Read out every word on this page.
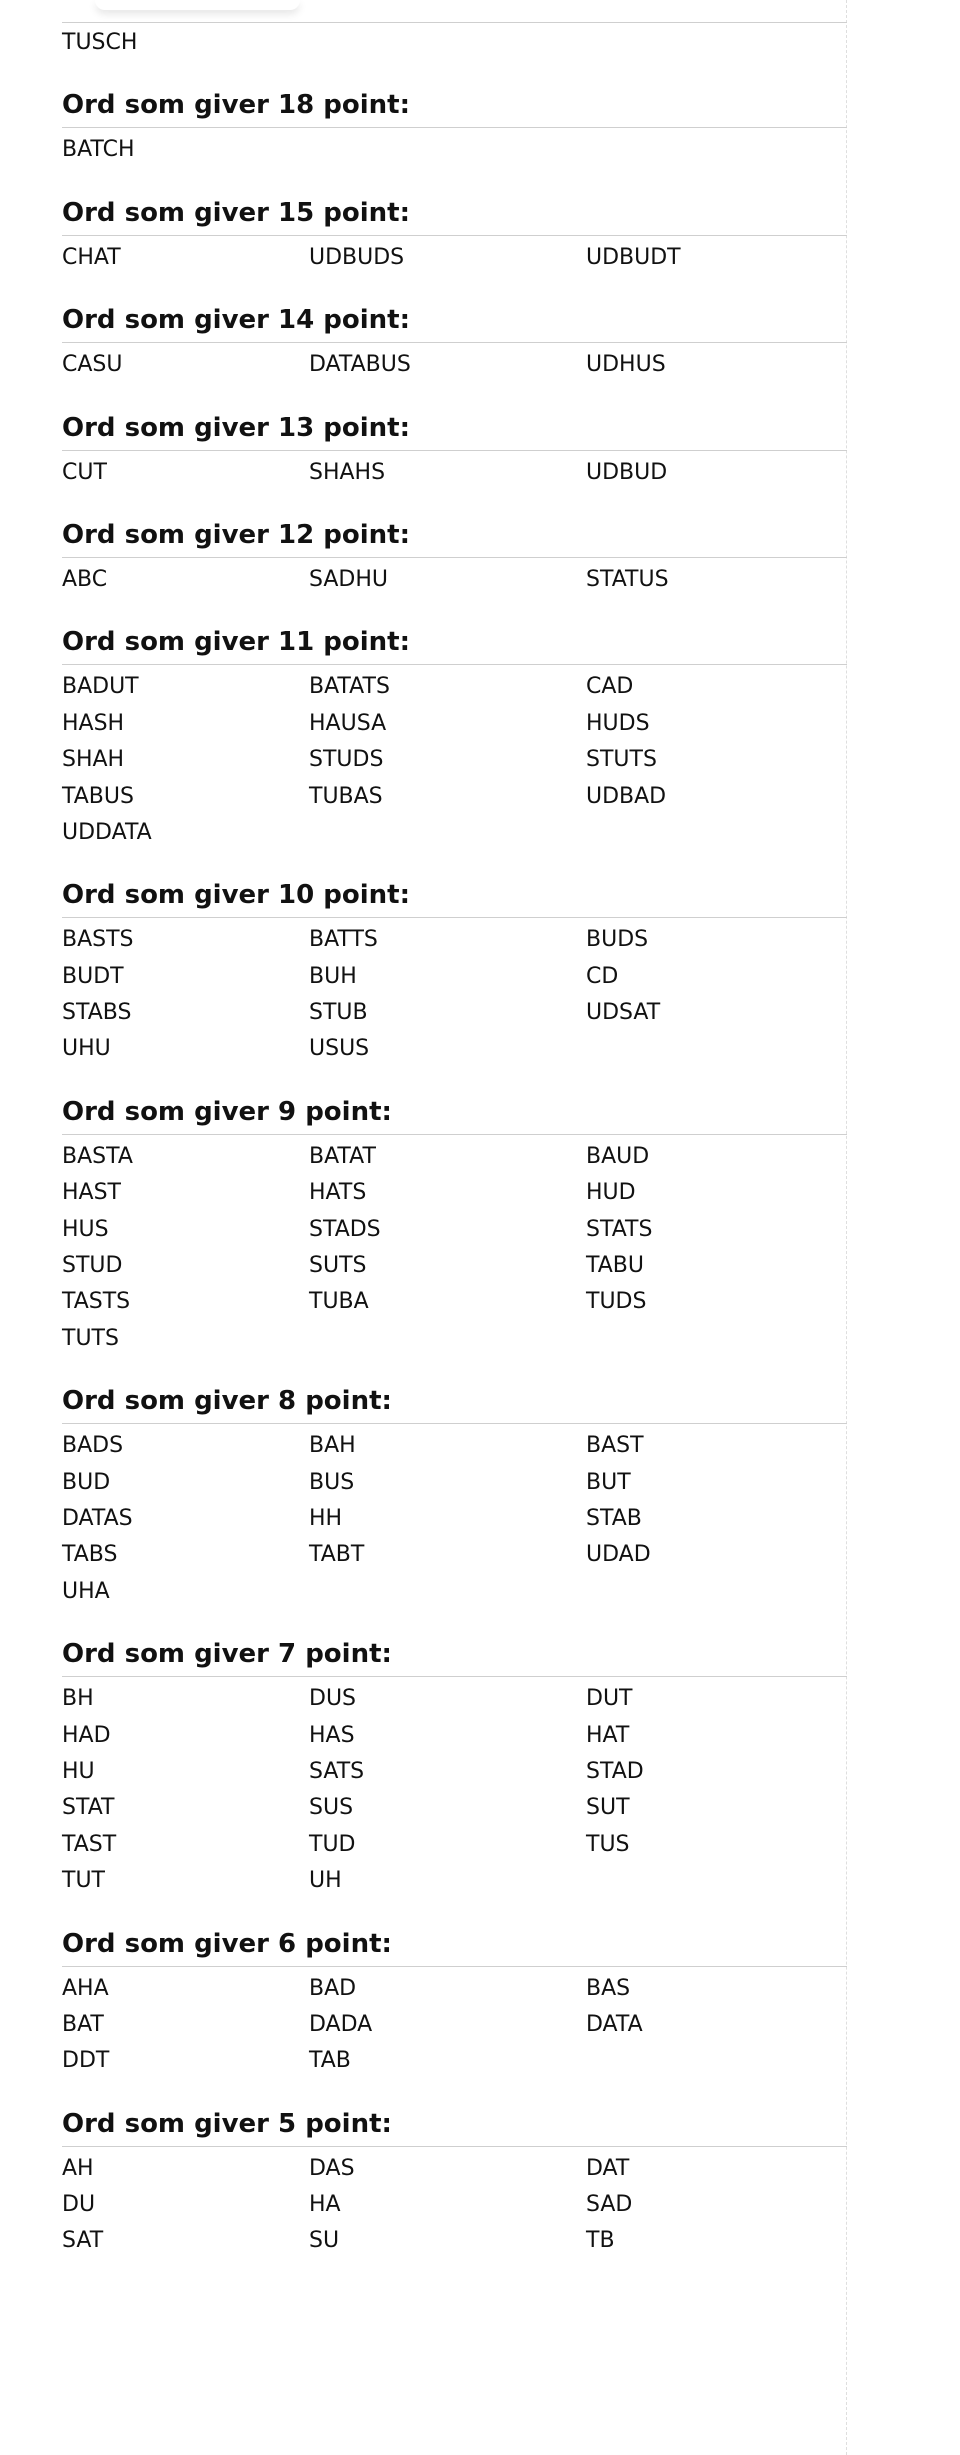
TUSCH
Ord som giver 18 point:
BATCH
Ord som giver 15 point:
CHAT	UDBUDS	UDBUDT
Ord som giver 14 point:
CASU	DATABUS	UDHUS
Ord som giver 13 point:
CUT	SHAHS	UDBUD
Ord som giver 12 point:
ABC	SADHU	STATUS
Ord som giver 11 point:
BADUT	BATATS	CAD
HASH	HAUSA	HUDS
SHAH	STUDS	STUTS
TABUS	TUBAS	UDBAD
UDDATA
Ord som giver 10 point:
BASTS	BATTS	BUDS
BUDT	BUH	CD
STABS	STUB	UDSAT
UHU	USUS
Ord som giver 9 point:
BASTA	BATAT	BAUD
HAST	HATS	HUD
HUS	STADS	STATS
STUD	SUTS	TABU
TASTS	TUBA	TUDS
TUTS
Ord som giver 8 point:
BADS	BAH	BAST
BUD	BUS	BUT
DATAS	HH	STAB
TABS	TABT	UDAD
UHA
Ord som giver 7 point:
BH	DUS	DUT
HAD	HAS	HAT
HU	SATS	STAD
STAT	SUS	SUT
TAST	TUD	TUS
TUT	UH
Ord som giver 6 point:
AHA	BAD	BAS
BAT	DADA	DATA
DDT	TAB
Ord som giver 5 point:
AH	DAS	DAT
DU	HA	SAD
SAT	SU	TB
